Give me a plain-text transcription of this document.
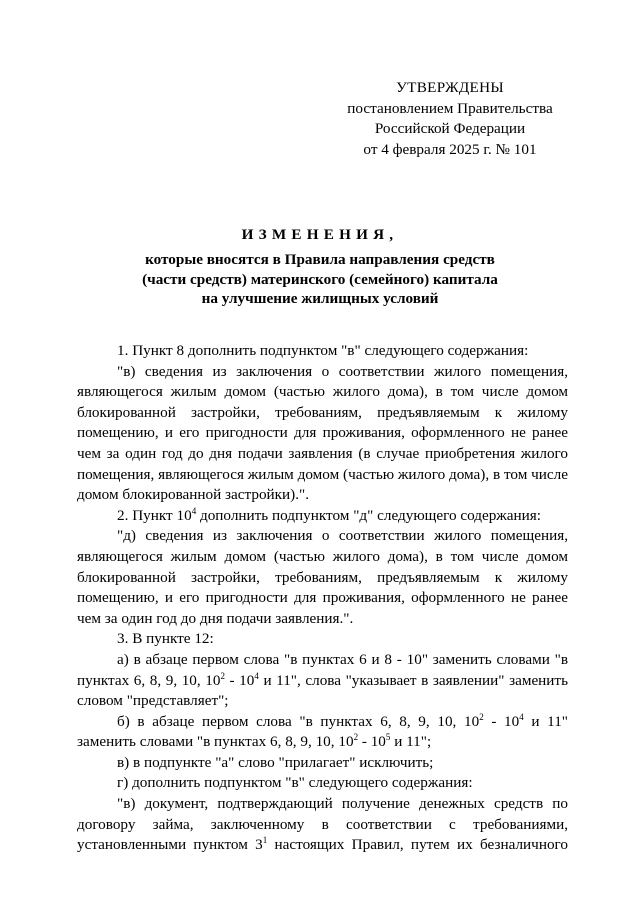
УТВЕРЖДЕНЫ
постановлением Правительства
Российской Федерации
от 4 февраля 2025 г. № 101
ИЗМЕНЕНИЯ,
которые вносятся в Правила направления средств
(части средств) материнского (семейного) капитала
на улучшение жилищных условий

1. Пункт 8 дополнить подпунктом "в" следующего содержания:

"в) сведения из заключения о соответствии жилого помещения, являющегося жилым домом (частью жилого дома), в том числе домом блокированной застройки, требованиям, предъявляемым к жилому помещению, и его пригодности для проживания, оформленного не ранее чем за один год до дня подачи заявления (в случае приобретения жилого помещения, являющегося жилым домом (частью жилого дома), в том числе домом блокированной застройки).".

2. Пункт $10^4$ дополнить подпунктом "д" следующего содержания:

"д) сведения из заключения о соответствии жилого помещения, являющегося жилым домом (частью жилого дома), в том числе домом блокированной застройки, требованиям, предъявляемым к жилому помещению, и его пригодности для проживания, оформленного не ранее чем за один год до дня подачи заявления.".

3. В пункте 12:

а) в абзаце первом слова "в пунктах 6 и 8 - 10" заменить словами "в пунктах 6, 8, 9, 10, $10^2 - 10^4$ и 11", слова "указывает в заявлении" заменить словом "представляет";

б) в абзаце первом слова "в пунктах 6, 8, 9, 10, $10^2 - 10^4$ и 11" заменить словами "в пунктах 6, 8, 9, 10, $10^2 - 10^5$ и 11";

в) в подпункте "а" слово "прилагает" исключить;

г) дополнить подпунктом "в" следующего содержания:

"в) документ, подтверждающий получение денежных средств по договору займа, заключенному в соответствии с требованиями, установленными пунктом $3^1$ настоящих Правил, путем их безналичного
